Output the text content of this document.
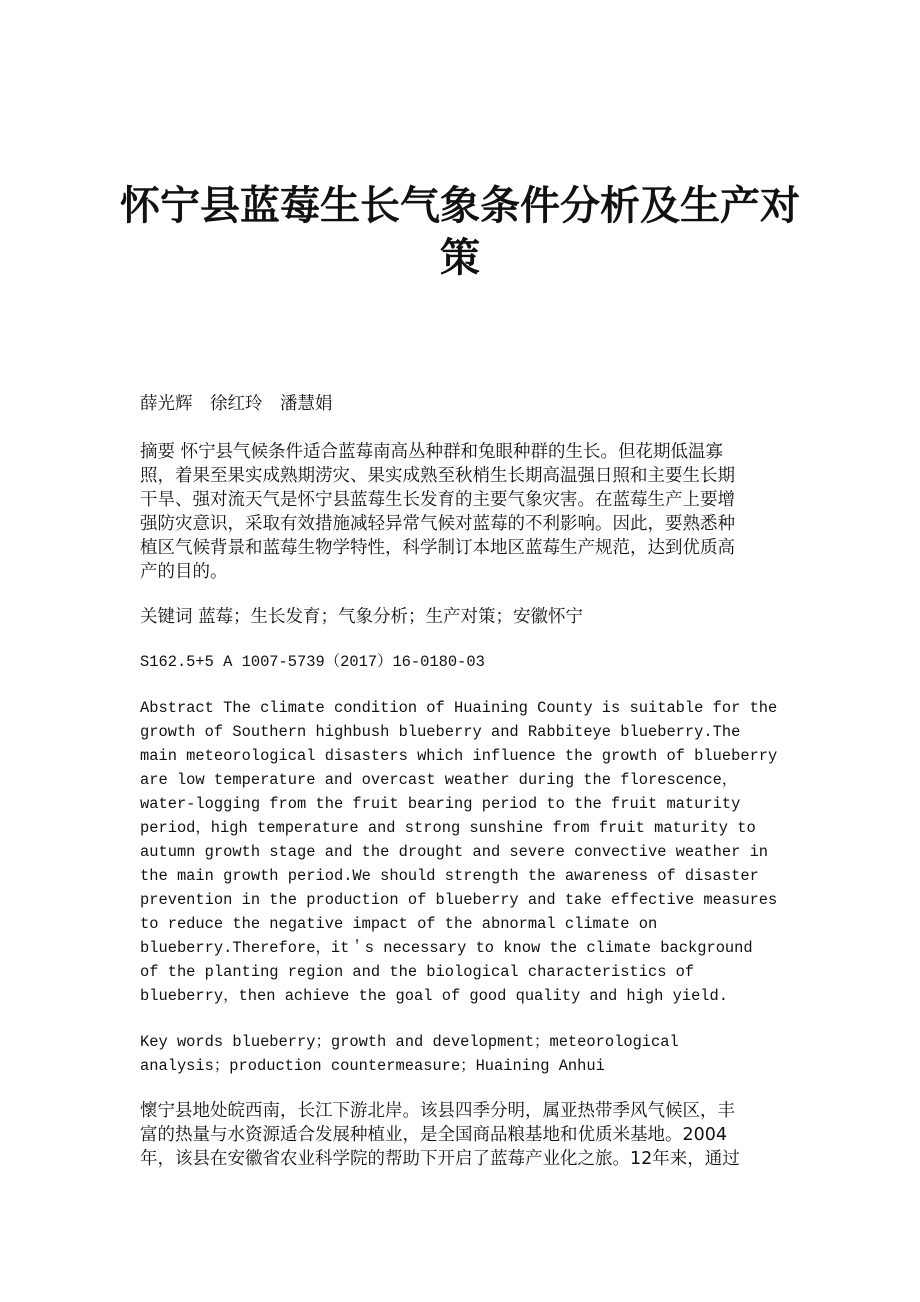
怀宁县蓝莓生长气象条件分析及生产对
策
薛光辉　徐红玲　潘慧娟
摘要 怀宁县气候条件适合蓝莓南高丛种群和兔眼种群的生长。但花期低温寡
照，着果至果实成熟期涝灾、果实成熟至秋梢生长期高温强日照和主要生长期
干旱、强对流天气是怀宁县蓝莓生长发育的主要气象灾害。在蓝莓生产上要增
强防灾意识，采取有效措施减轻异常气候对蓝莓的不利影响。因此，要熟悉种
植区气候背景和蓝莓生物学特性，科学制订本地区蓝莓生产规范，达到优质高
产的目的。
关键词 蓝莓；生长发育；气象分析；生产对策；安徽怀宁
S162.5+5 A 1007-5739（2017）16-0180-03
Abstract The climate condition of Huaining County is suitable for the
growth of Southern highbush blueberry and Rabbiteye blueberry.The
main meteorological disasters which influence the growth of blueberry
are low temperature and overcast weather during the florescence，
water-logging from the fruit bearing period to the fruit maturity
period，high temperature and strong sunshine from fruit maturity to
autumn growth stage and the drought and severe convective weather in
the main growth period.We should strength the awareness of disaster
prevention in the production of blueberry and take effective measures
to reduce the negative impact of the abnormal climate on
blueberry.Therefore，it＇s necessary to know the climate background
of the planting region and the biological characteristics of
blueberry，then achieve the goal of good quality and high yield.
Key words blueberry；growth and development；meteorological
analysis；production countermeasure；Huaining Anhui
懷宁县地处皖西南，长江下游北岸。该县四季分明，属亚热带季风气候区，丰
富的热量与水资源适合发展种植业，是全国商品粮基地和优质米基地。2004
年，该县在安徽省农业科学院的帮助下开启了蓝莓产业化之旅。12年来，通过
